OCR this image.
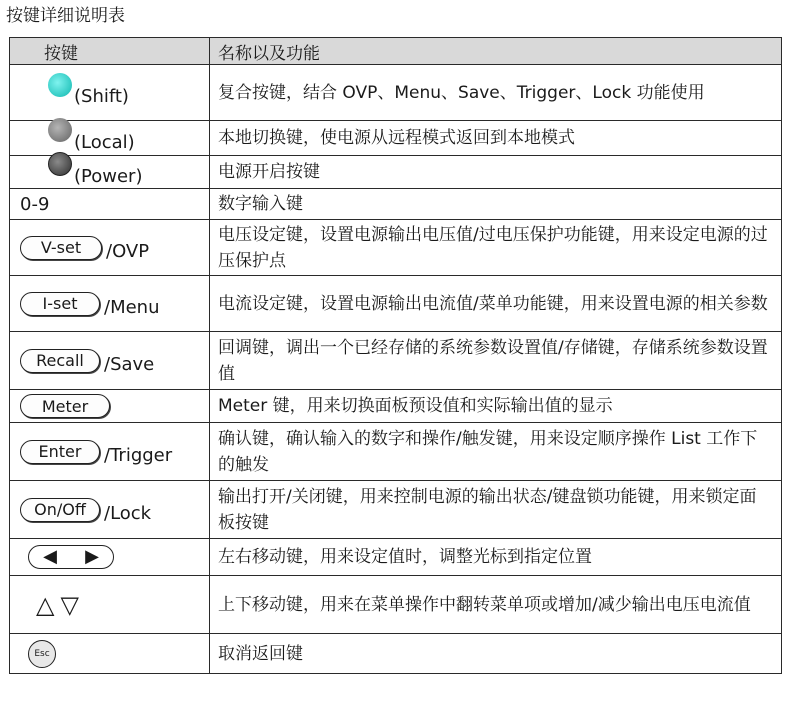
按键详细说明表
按键	名称以及功能

(Shift)	复合按键，结合 OVP、Menu、Save、Trigger、Lock 功能使用

(Local)	本地切换键，使电源从远程模式返回到本地模式

(Power)	电源开启按键
0-9	数字输入键

V-set /OVP	电压设定键，设置电源输出电压值/过电压保护功能键，用来设定电源的过压保护点

I-set /Menu	电流设定键，设置电源输出电流值/菜单功能键，用来设置电源的相关参数

Recall /Save	回调键，调出一个已经存储的系统参数设置值/存储键，存储系统参数设置值

Meter	Meter 键，用来切换面板预设值和实际输出值的显示

Enter /Trigger	确认键，确认输入的数字和操作/触发键，用来设定顺序操作 List 工作下的触发

On/Off /Lock	输出打开/关闭键，用来控制电源的输出状态/键盘锁功能键，用来锁定面板按键

◀ ▶	左右移动键，用来设定值时，调整光标到指定位置
△▽	上下移动键，用来在菜单操作中翻转菜单项或增加/减少输出电压电流值
Esc	取消返回键
